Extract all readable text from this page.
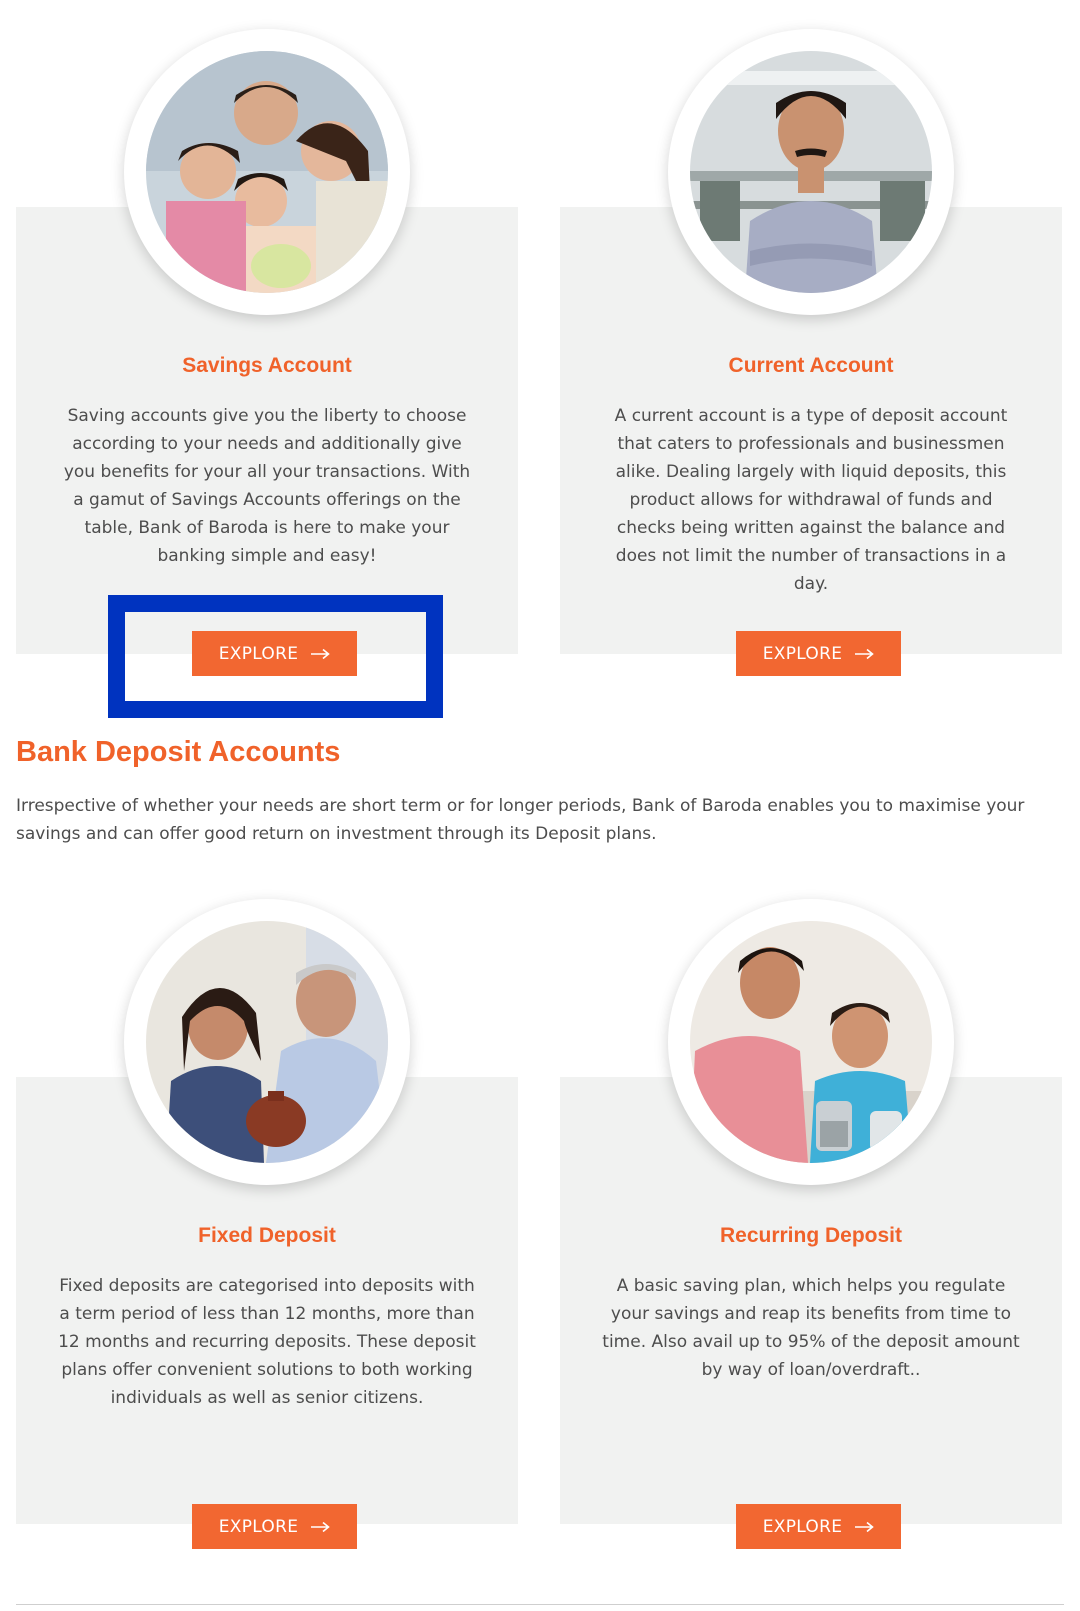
Savings Account	Current Account
Saving accounts give you the liberty to choose according to your needs and additionally give you benefits for your all your transactions. With a gamut of Savings Accounts offerings on the table, Bank of Baroda is here to make your banking simple and easy!
A current account is a type of deposit account that caters to professionals and businessmen alike. Dealing largely with liquid deposits, this product allows for withdrawal of funds and checks being written against the balance and does not limit the number of transactions in a day.
EXPLORE	EXPLORE
Bank Deposit Accounts
Irrespective of whether your needs are short term or for longer periods, Bank of Baroda enables you to maximise your savings and can offer good return on investment through its Deposit plans.
Fixed Deposit	Recurring Deposit
Fixed deposits are categorised into deposits with a term period of less than 12 months, more than 12 months and recurring deposits. These deposit plans offer convenient solutions to both working individuals as well as senior citizens.
A basic saving plan, which helps you regulate your savings and reap its benefits from time to time. Also avail up to 95% of the deposit amount by way of loan/overdraft..
EXPLORE	EXPLORE
